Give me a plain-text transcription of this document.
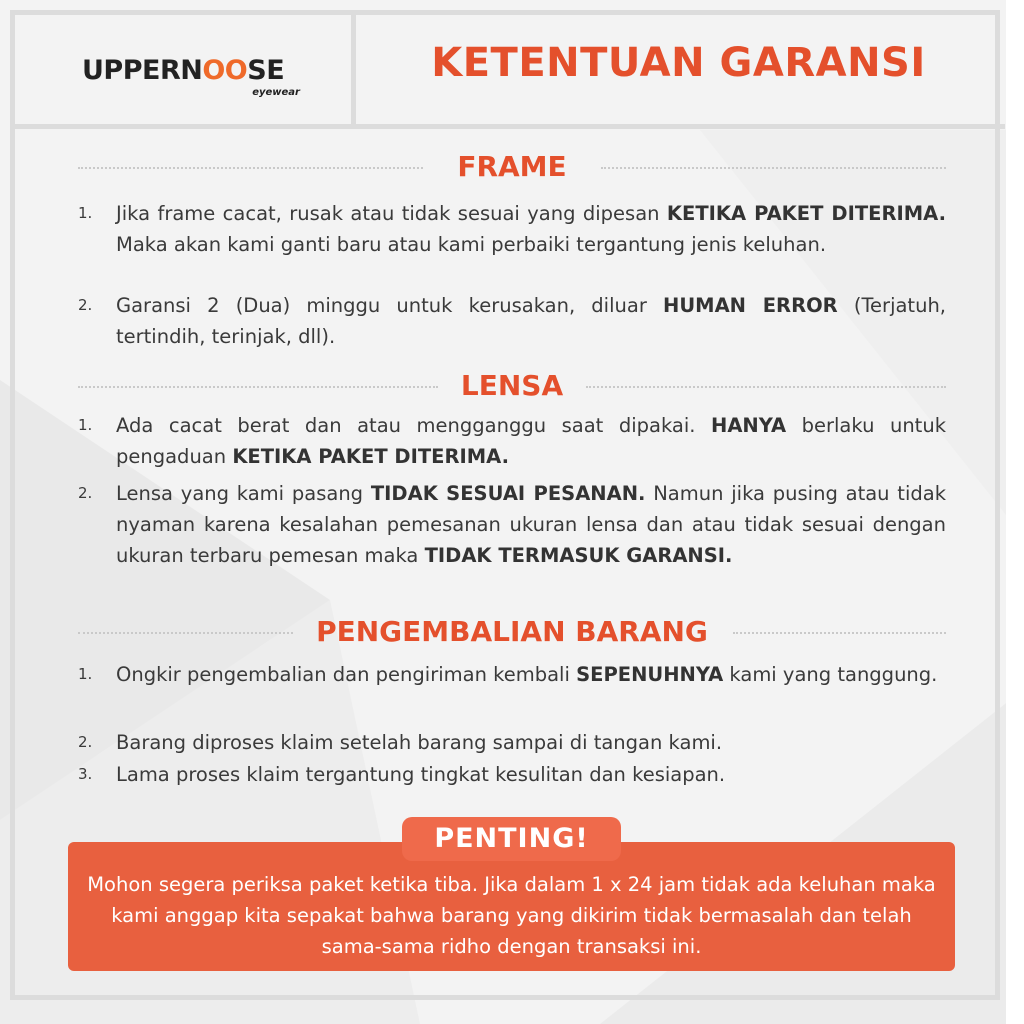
UPPERNOOSE
eyewear
KETENTUAN GARANSI
FRAME
1.	Jika frame cacat, rusak atau tidak sesuai yang dipesan KETIKA PAKET DITERIMA. Maka akan kami ganti baru atau kami perbaiki tergantung jenis keluhan.
2.	Garansi 2 (Dua) minggu untuk kerusakan, diluar HUMAN ERROR (Terjatuh, tertindih, terinjak, dll).
LENSA
1.	Ada cacat berat dan atau mengganggu saat dipakai. HANYA berlaku untuk pengaduan KETIKA PAKET DITERIMA.
2.	Lensa yang kami pasang TIDAK SESUAI PESANAN. Namun jika pusing atau tidak nyaman karena kesalahan pemesanan ukuran lensa dan atau tidak sesuai dengan ukuran terbaru pemesan maka TIDAK TERMASUK GARANSI.
PENGEMBALIAN BARANG
1.	Ongkir pengembalian dan pengiriman kembali SEPENUHNYA kami yang tanggung.
2.	Barang diproses klaim setelah barang sampai di tangan kami.
3.	Lama proses klaim tergantung tingkat kesulitan dan kesiapan.
PENTING!
Mohon segera periksa paket ketika tiba. Jika dalam 1 x 24 jam tidak ada keluhan maka kami anggap kita sepakat bahwa barang yang dikirim tidak bermasalah dan telah sama-sama ridho dengan transaksi ini.
